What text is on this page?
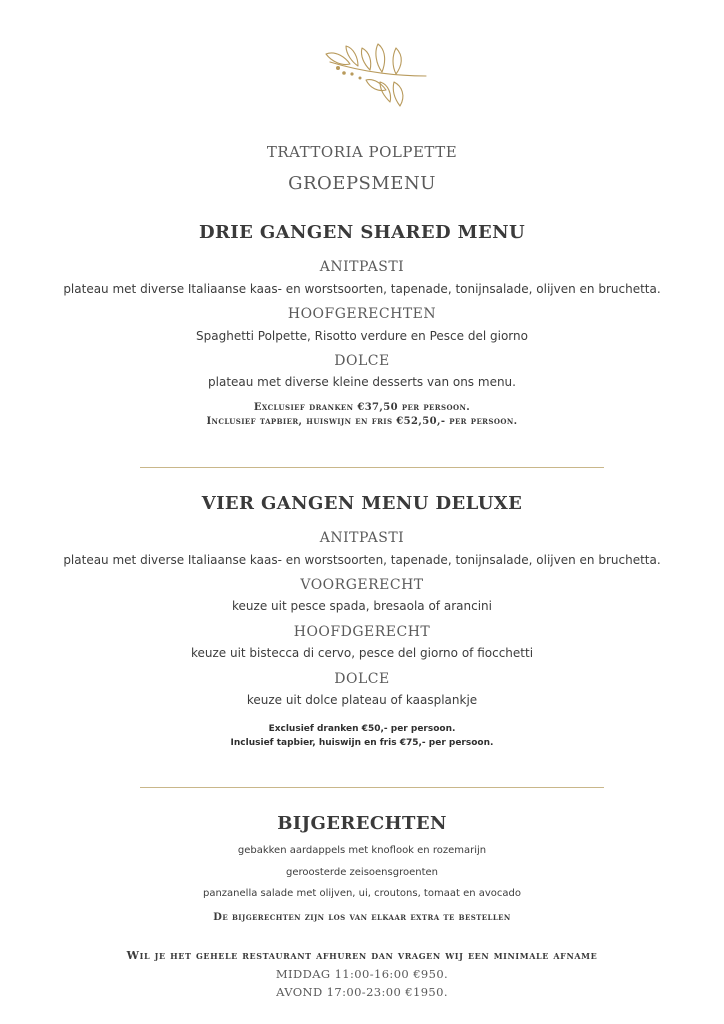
TRATTORIA POLPETTE
GROEPSMENU
DRIE GANGEN SHARED MENU
ANITPASTI
plateau met diverse Italiaanse kaas- en worstsoorten, tapenade, tonijnsalade, olijven en bruchetta.
HOOFGERECHTEN
Spaghetti Polpette, Risotto verdure en Pesce del giorno
DOLCE
plateau met diverse kleine desserts van ons menu.
Exclusief dranken €37,50 per persoon.
Inclusief tapbier, huiswijn en fris €52,50,- per persoon.
VIER GANGEN MENU DELUXE
ANITPASTI
plateau met diverse Italiaanse kaas- en worstsoorten, tapenade, tonijnsalade, olijven en bruchetta.
VOORGERECHT
keuze uit pesce spada, bresaola of arancini
HOOFDGERECHT
keuze uit bistecca di cervo, pesce del giorno of fiocchetti
DOLCE
keuze uit dolce plateau of kaasplankje
Exclusief dranken €50,- per persoon.
Inclusief tapbier, huiswijn en fris €75,- per persoon.
BIJGERECHTEN
gebakken aardappels met knoflook en rozemarijn
geroosterde zeisoensgroenten
panzanella salade met olijven, ui, croutons, tomaat en avocado
De bijgerechten zijn los van elkaar extra te bestellen
Wil je het gehele restaurant afhuren dan vragen wij een minimale afname
MIDDAG 11:00-16:00 €950.
AVOND 17:00-23:00 €1950.
